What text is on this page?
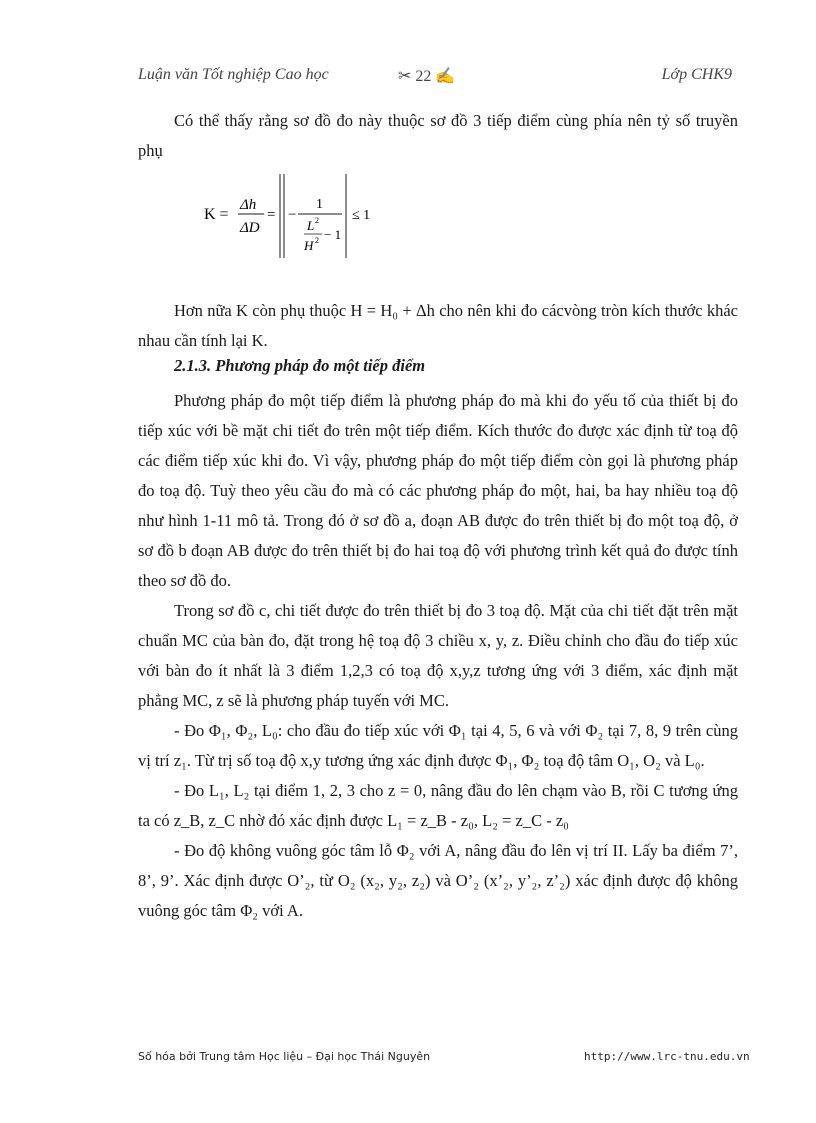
Luận văn Tốt nghiệp Cao học	✂ 22 ✍	Lớp CHK9

Có thể thấy rằng sơ đồ đo này thuộc sơ đồ 3 tiếp điểm cùng phía nên tỷ số truyền phụ

K =
Δh
ΔD
= −
1
L 2
H 2 − 1
≤ 1

Hơn nữa K còn phụ thuộc H = H₀ + Δh cho nên khi đo cácvòng tròn kích thước khác nhau cần tính lại K.

2.1.3. Phương pháp đo một tiếp điểm

Phương pháp đo một tiếp điểm là phương pháp đo mà khi đo yếu tố của thiết bị đo tiếp xúc với bề mặt chi tiết đo trên một tiếp điểm. Kích thước đo được xác định từ toạ độ các điểm tiếp xúc khi đo. Vì vậy, phương pháp đo một tiếp điểm còn gọi là phương pháp đo toạ độ. Tuỳ theo yêu cầu đo mà có các phương pháp đo một, hai, ba hay nhiều toạ độ như hình 1-11 mô tả. Trong đó ở sơ đồ a, đoạn AB được đo trên thiết bị đo một toạ độ, ở sơ đồ b đoạn AB được đo trên thiết bị đo hai toạ độ với phương trình kết quả đo được tính theo sơ đồ đo.

Trong sơ đồ c, chi tiết được đo trên thiết bị đo 3 toạ độ. Mặt của chi tiết đặt trên mặt chuẩn MC của bàn đo, đặt trong hệ toạ độ 3 chiều x, y, z. Điều chỉnh cho đầu đo tiếp xúc với bàn đo ít nhất là 3 điểm 1,2,3 có toạ độ x,y,z tương ứng với 3 điểm, xác định mặt phẳng MC, z sẽ là phương pháp tuyến với MC.

- Đo Φ₁, Φ₂, L₀: cho đầu đo tiếp xúc với Φ₁ tại 4, 5, 6 và với Φ₂ tại 7, 8, 9 trên cùng vị trí z₁. Từ trị số toạ độ x,y tương ứng xác định được Φ₁, Φ₂ toạ độ tâm O₁, O₂ và L₀.

- Đo L₁, L₂ tại điểm 1, 2, 3 cho z = 0, nâng đầu đo lên chạm vào B, rồi C tương ứng ta có z_B, z_C nhờ đó xác định được L₁ = z_B - z₀, L₂ = z_C - z₀

- Đo độ không vuông góc tâm lỗ Φ₂ với A, nâng đầu đo lên vị trí II. Lấy ba điểm 7’, 8’, 9’. Xác định được O’₂, từ O₂ (x₂, y₂, z₂) và O’₂ (x’₂, y’₂, z’₂) xác định được độ không vuông góc tâm Φ₂ với A.

Số hóa bởi Trung tâm Học liệu – Đại học Thái Nguyên	http://www.lrc-tnu.edu.vn
